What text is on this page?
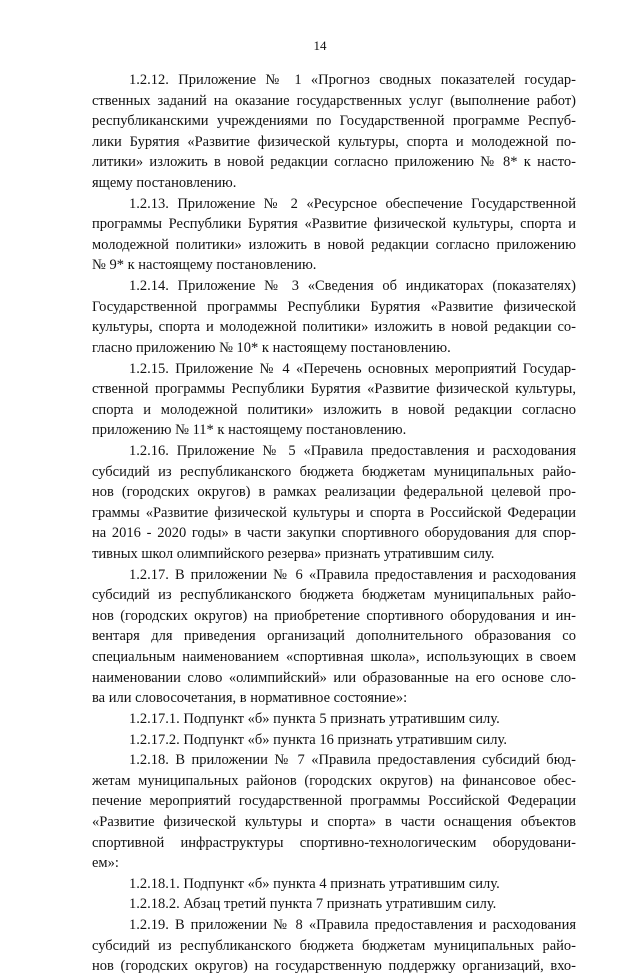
14
1.2.12. Приложение № 1 «Прогноз сводных показателей государ-
ственных заданий на оказание государственных услуг (выполнение работ)
республиканскими учреждениями по Государственной программе Респуб-
лики Бурятия «Развитие физической культуры, спорта и молодежной по-
литики» изложить в новой редакции согласно приложению № 8* к насто-
ящему постановлению.
1.2.13. Приложение № 2 «Ресурсное обеспечение Государственной
программы Республики Бурятия «Развитие физической культуры, спорта и
молодежной политики» изложить в новой редакции согласно приложению
№ 9* к настоящему постановлению.
1.2.14. Приложение № 3 «Сведения об индикаторах (показателях)
Государственной программы Республики Бурятия «Развитие физической
культуры, спорта и молодежной политики» изложить в новой редакции со-
гласно приложению № 10* к настоящему постановлению.
1.2.15. Приложение № 4 «Перечень основных мероприятий Государ-
ственной программы Республики Бурятия «Развитие физической культуры,
спорта и молодежной политики» изложить в новой редакции согласно
приложению № 11* к настоящему постановлению.
1.2.16. Приложение № 5 «Правила предоставления и расходования
субсидий из республиканского бюджета бюджетам муниципальных райо-
нов (городских округов) в рамках реализации федеральной целевой про-
граммы «Развитие физической культуры и спорта в Российской Федерации
на 2016 - 2020 годы» в части закупки спортивного оборудования для спор-
тивных школ олимпийского резерва» признать утратившим силу.
1.2.17. В приложении № 6 «Правила предоставления и расходования
субсидий из республиканского бюджета бюджетам муниципальных райо-
нов (городских округов) на приобретение спортивного оборудования и ин-
вентаря для приведения организаций дополнительного образования со
специальным наименованием «спортивная школа», использующих в своем
наименовании слово «олимпийский» или образованные на его основе сло-
ва или словосочетания, в нормативное состояние»:
1.2.17.1. Подпункт «б» пункта 5 признать утратившим силу.
1.2.17.2. Подпункт «б» пункта 16 признать утратившим силу.
1.2.18. В приложении № 7 «Правила предоставления субсидий бюд-
жетам муниципальных районов (городских округов) на финансовое обес-
печение мероприятий государственной программы Российской Федерации
«Развитие физической культуры и спорта» в части оснащения объектов
спортивной инфраструктуры спортивно-технологическим оборудовани-
ем»:
1.2.18.1. Подпункт «б» пункта 4 признать утратившим силу.
1.2.18.2. Абзац третий пункта 7 признать утратившим силу.
1.2.19. В приложении № 8 «Правила предоставления и расходования
субсидий из республиканского бюджета бюджетам муниципальных райо-
нов (городских округов) на государственную поддержку организаций, вхо-
